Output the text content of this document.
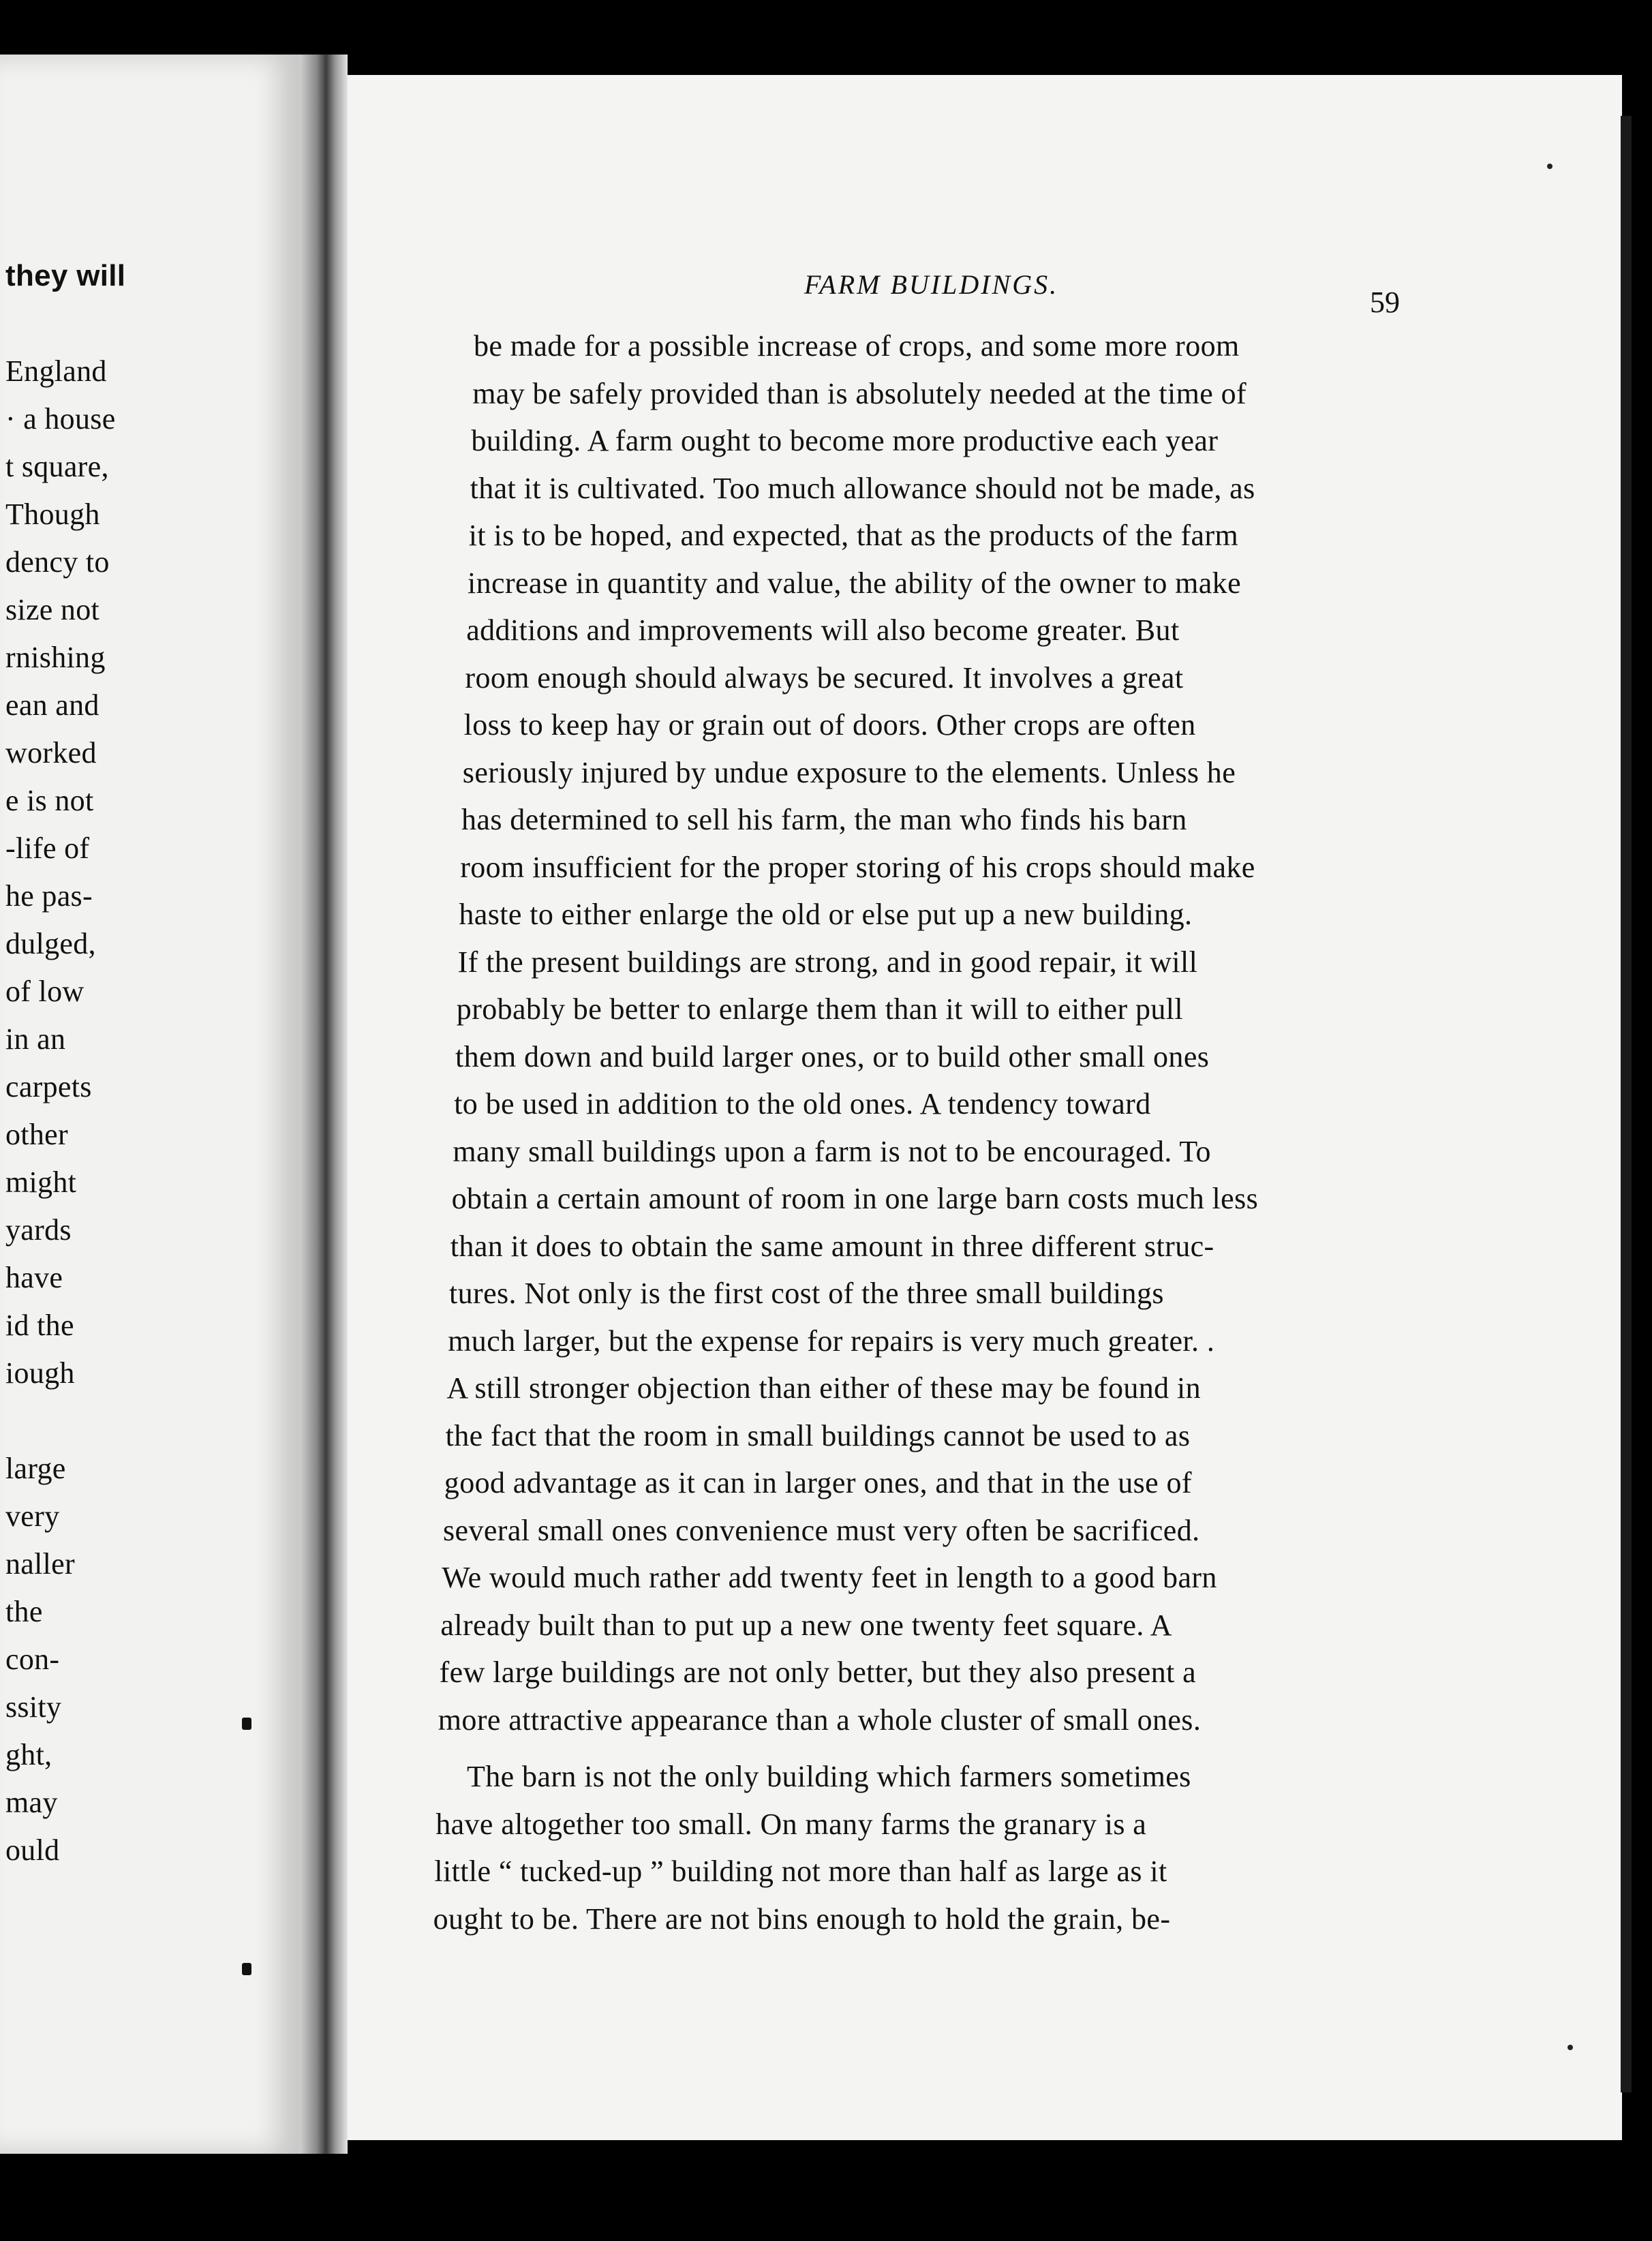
they will
England
· a house
t square,
Though
dency to
size not
rnishing
ean and
worked
e is not
-life of
he pas-
dulged,
of low
in an
carpets
other
might
yards
have
id the
iough
large
very
naller
the
con-
ssity
ght,
may
ould
FARM BUILDINGS.
59
be made for a possible increase of crops, and some more room
may be safely provided than is absolutely needed at the time of
building. A farm ought to become more productive each year
that it is cultivated. Too much allowance should not be made, as
it is to be hoped, and expected, that as the products of the farm
increase in quantity and value, the ability of the owner to make
additions and improvements will also become greater. But
room enough should always be secured. It involves a great
loss to keep hay or grain out of doors. Other crops are often
seriously injured by undue exposure to the elements. Unless he
has determined to sell his farm, the man who finds his barn
room insufficient for the proper storing of his crops should make
haste to either enlarge the old or else put up a new building.
If the present buildings are strong, and in good repair, it will
probably be better to enlarge them than it will to either pull
them down and build larger ones, or to build other small ones
to be used in addition to the old ones. A tendency toward
many small buildings upon a farm is not to be encouraged. To
obtain a certain amount of room in one large barn costs much less
than it does to obtain the same amount in three different struc-
tures. Not only is the first cost of the three small buildings
much larger, but the expense for repairs is very much greater. .
A still stronger objection than either of these may be found in
the fact that the room in small buildings cannot be used to as
good advantage as it can in larger ones, and that in the use of
several small ones convenience must very often be sacrificed.
We would much rather add twenty feet in length to a good barn
already built than to put up a new one twenty feet square. A
few large buildings are not only better, but they also present a
more attractive appearance than a whole cluster of small ones.
The barn is not the only building which farmers sometimes
have altogether too small. On many farms the granary is a
little “ tucked-up ” building not more than half as large as it
ought to be. There are not bins enough to hold the grain, be-
